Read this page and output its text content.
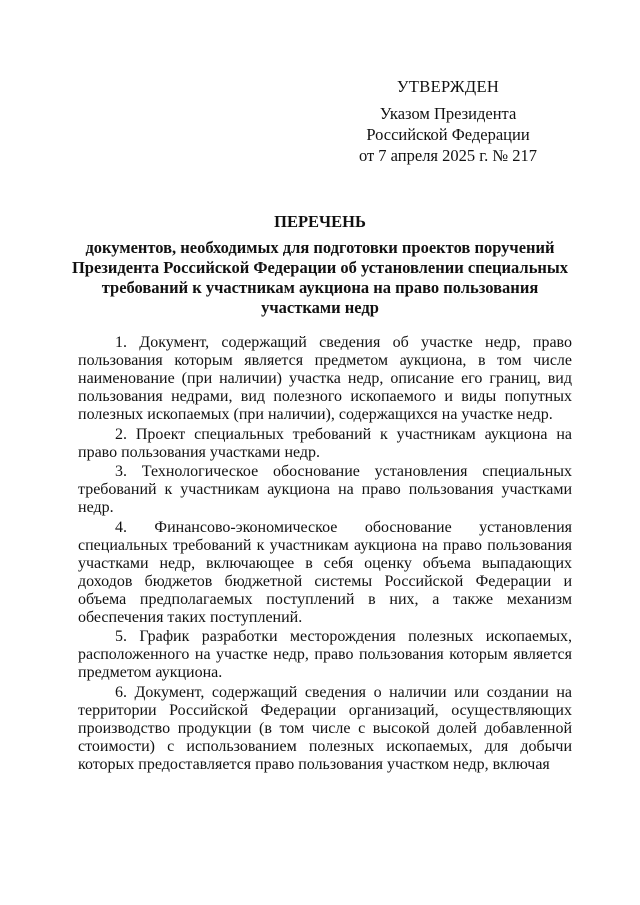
УТВЕРЖДЕН
Указом Президента
Российской Федерации
от 7 апреля 2025 г. № 217
ПЕРЕЧЕНЬ
документов, необходимых для подготовки проектов поручений Президента Российской Федерации об установлении специальных требований к участникам аукциона на право пользования участками недр

1. Документ, содержащий сведения об участке недр, право пользования которым является предметом аукциона, в том числе наименование (при наличии) участка недр, описание его границ, вид пользования недрами, вид полезного ископаемого и виды попутных полезных ископаемых (при наличии), содержащихся на участке недр.

2. Проект специальных требований к участникам аукциона на право пользования участками недр.

3. Технологическое обоснование установления специальных требований к участникам аукциона на право пользования участками недр.

4. Финансово-экономическое обоснование установления специальных требований к участникам аукциона на право пользования участками недр, включающее в себя оценку объема выпадающих доходов бюджетов бюджетной системы Российской Федерации и объема предполагаемых поступлений в них, а также механизм обеспечения таких поступлений.

5. График разработки месторождения полезных ископаемых, расположенного на участке недр, право пользования которым является предметом аукциона.

6. Документ, содержащий сведения о наличии или создании на территории Российской Федерации организаций, осуществляющих производство продукции (в том числе с высокой долей добавленной стоимости) с использованием полезных ископаемых, для добычи которых предоставляется право пользования участком недр, включая
